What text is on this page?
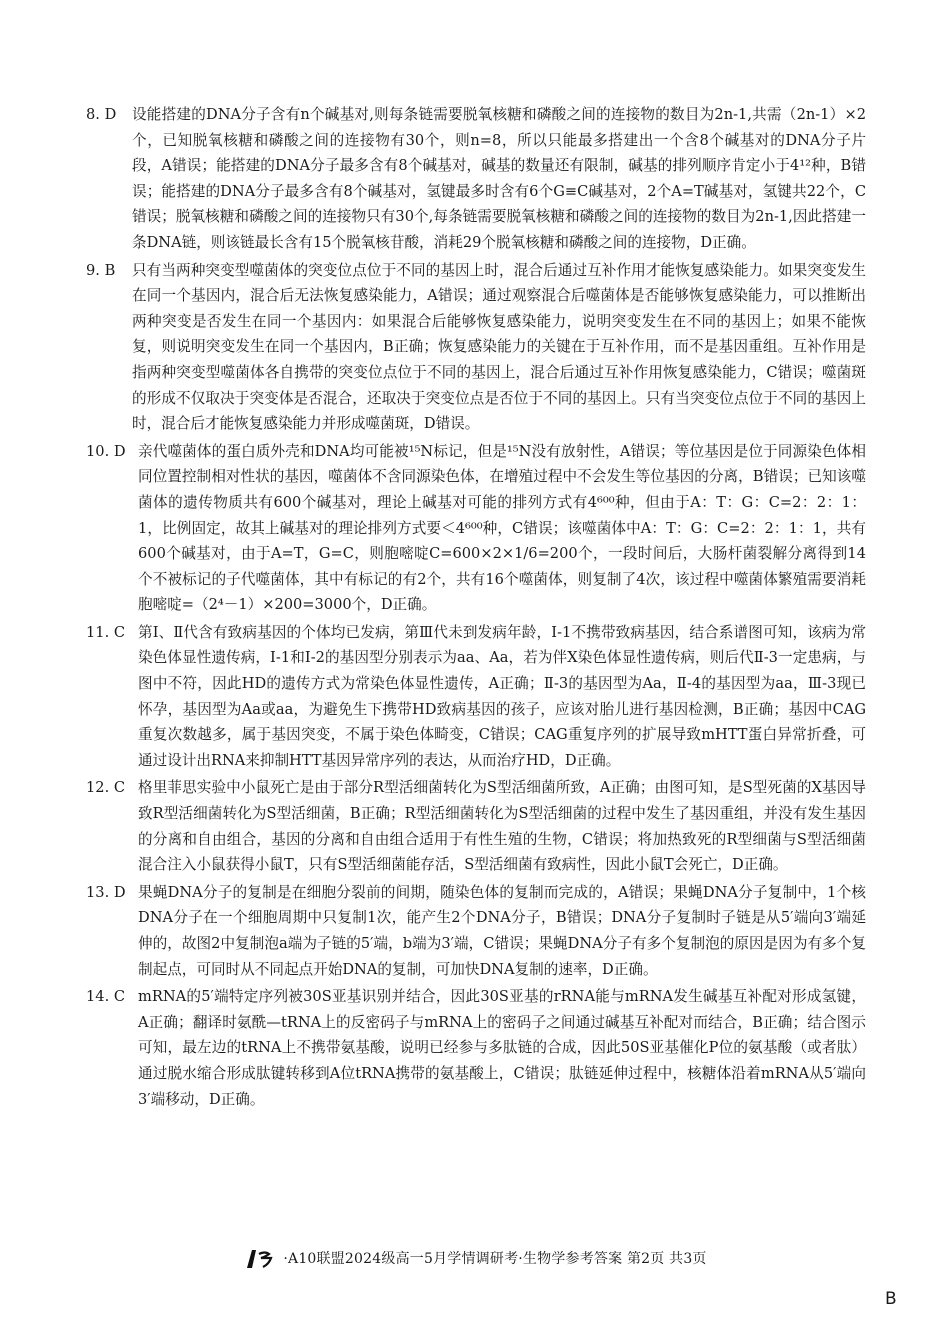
8. D	设能搭建的DNA分子含有n个碱基对,则每条链需要脱氧核糖和磷酸之间的连接物的数目为2n-1,共需（2n-1）×2个，已知脱氧核糖和磷酸之间的连接物有30个，则n=8，所以只能最多搭建出一个含8个碱基对的DNA分子片段，A错误；能搭建的DNA分子最多含有8个碱基对，碱基的数量还有限制，碱基的排列顺序肯定小于4¹²种，B错误；能搭建的DNA分子最多含有8个碱基对，氢键最多时含有6个G≡C碱基对，2个A=T碱基对，氢键共22个，C错误；脱氧核糖和磷酸之间的连接物只有30个,每条链需要脱氧核糖和磷酸之间的连接物的数目为2n-1,因此搭建一条DNA链，则该链最长含有15个脱氧核苷酸，消耗29个脱氧核糖和磷酸之间的连接物，D正确。
9. B	只有当两种突变型噬菌体的突变位点位于不同的基因上时，混合后通过互补作用才能恢复感染能力。如果突变发生在同一个基因内，混合后无法恢复感染能力，A错误；通过观察混合后噬菌体是否能够恢复感染能力，可以推断出两种突变是否发生在同一个基因内：如果混合后能够恢复感染能力，说明突变发生在不同的基因上；如果不能恢复，则说明突变发生在同一个基因内，B正确；恢复感染能力的关键在于互补作用，而不是基因重组。互补作用是指两种突变型噬菌体各自携带的突变位点位于不同的基因上，混合后通过互补作用恢复感染能力，C错误；噬菌斑的形成不仅取决于突变体是否混合，还取决于突变位点是否位于不同的基因上。只有当突变位点位于不同的基因上时，混合后才能恢复感染能力并形成噬菌斑，D错误。
10. D 亲代噬菌体的蛋白质外壳和DNA均可能被¹⁵N标记，但是¹⁵N没有放射性，A错误；等位基因是位于同源染色体相同位置控制相对性状的基因，噬菌体不含同源染色体，在增殖过程中不会发生等位基因的分离，B错误；已知该噬菌体的遗传物质共有600个碱基对，理论上碱基对可能的排列方式有4⁶⁰⁰种，但由于A：T：G：C=2：2：1：1，比例固定，故其上碱基对的理论排列方式要＜4⁶⁰⁰种，C错误；该噬菌体中A：T：G：C=2：2：1：1，共有600个碱基对，由于A=T，G=C，则胞嘧啶C=600×2×1/6=200个，一段时间后，大肠杆菌裂解分离得到14个不被标记的子代噬菌体，其中有标记的有2个，共有16个噬菌体，则复制了4次，该过程中噬菌体繁殖需要消耗胞嘧啶=（2⁴－1）×200=3000个，D正确。
11. C 第Ⅰ、Ⅱ代含有致病基因的个体均已发病，第Ⅲ代未到发病年龄，Ⅰ-1不携带致病基因，结合系谱图可知，该病为常染色体显性遗传病，Ⅰ-1和Ⅰ-2的基因型分别表示为aa、Aa，若为伴X染色体显性遗传病，则后代Ⅱ-3一定患病，与图中不符，因此HD的遗传方式为常染色体显性遗传，A正确；Ⅱ-3的基因型为Aa，Ⅱ-4的基因型为aa，Ⅲ-3现已怀孕，基因型为Aa或aa，为避免生下携带HD致病基因的孩子，应该对胎儿进行基因检测，B正确；基因中CAG重复次数越多，属于基因突变，不属于染色体畸变，C错误；CAG重复序列的扩展导致mHTT蛋白异常折叠，可通过设计出RNA来抑制HTT基因异常序列的表达，从而治疗HD，D正确。
12. C 格里菲思实验中小鼠死亡是由于部分R型活细菌转化为S型活细菌所致，A正确；由图可知，是S型死菌的X基因导致R型活细菌转化为S型活细菌，B正确；R型活细菌转化为S型活细菌的过程中发生了基因重组，并没有发生基因的分离和自由组合，基因的分离和自由组合适用于有性生殖的生物，C错误；将加热致死的R型细菌与S型活细菌混合注入小鼠获得小鼠T，只有S型活细菌能存活，S型活细菌有致病性，因此小鼠T会死亡，D正确。
13. D 果蝇DNA分子的复制是在细胞分裂前的间期，随染色体的复制而完成的，A错误；果蝇DNA分子复制中，1个核DNA分子在一个细胞周期中只复制1次，能产生2个DNA分子，B错误；DNA分子复制时子链是从5′端向3′端延伸的，故图2中复制泡a端为子链的5′端，b端为3′端，C错误；果蝇DNA分子有多个复制泡的原因是因为有多个复制起点，可同时从不同起点开始DNA的复制，可加快DNA复制的速率，D正确。
14. C mRNA的5′端特定序列被30S亚基识别并结合，因此30S亚基的rRNA能与mRNA发生碱基互补配对形成氢键，A正确；翻译时氨酰—tRNA上的反密码子与mRNA上的密码子之间通过碱基互补配对而结合，B正确；结合图示可知，最左边的tRNA上不携带氨基酸，说明已经参与多肽链的合成，因此50S亚基催化P位的氨基酸（或者肽）通过脱水缩合形成肽键转移到A位tRNA携带的氨基酸上，C错误；肽链延伸过程中，核糖体沿着mRNA从5′端向3′端移动，D正确。
·A10联盟2024级高一5月学情调研考·生物学参考答案 第2页 共3页
B
